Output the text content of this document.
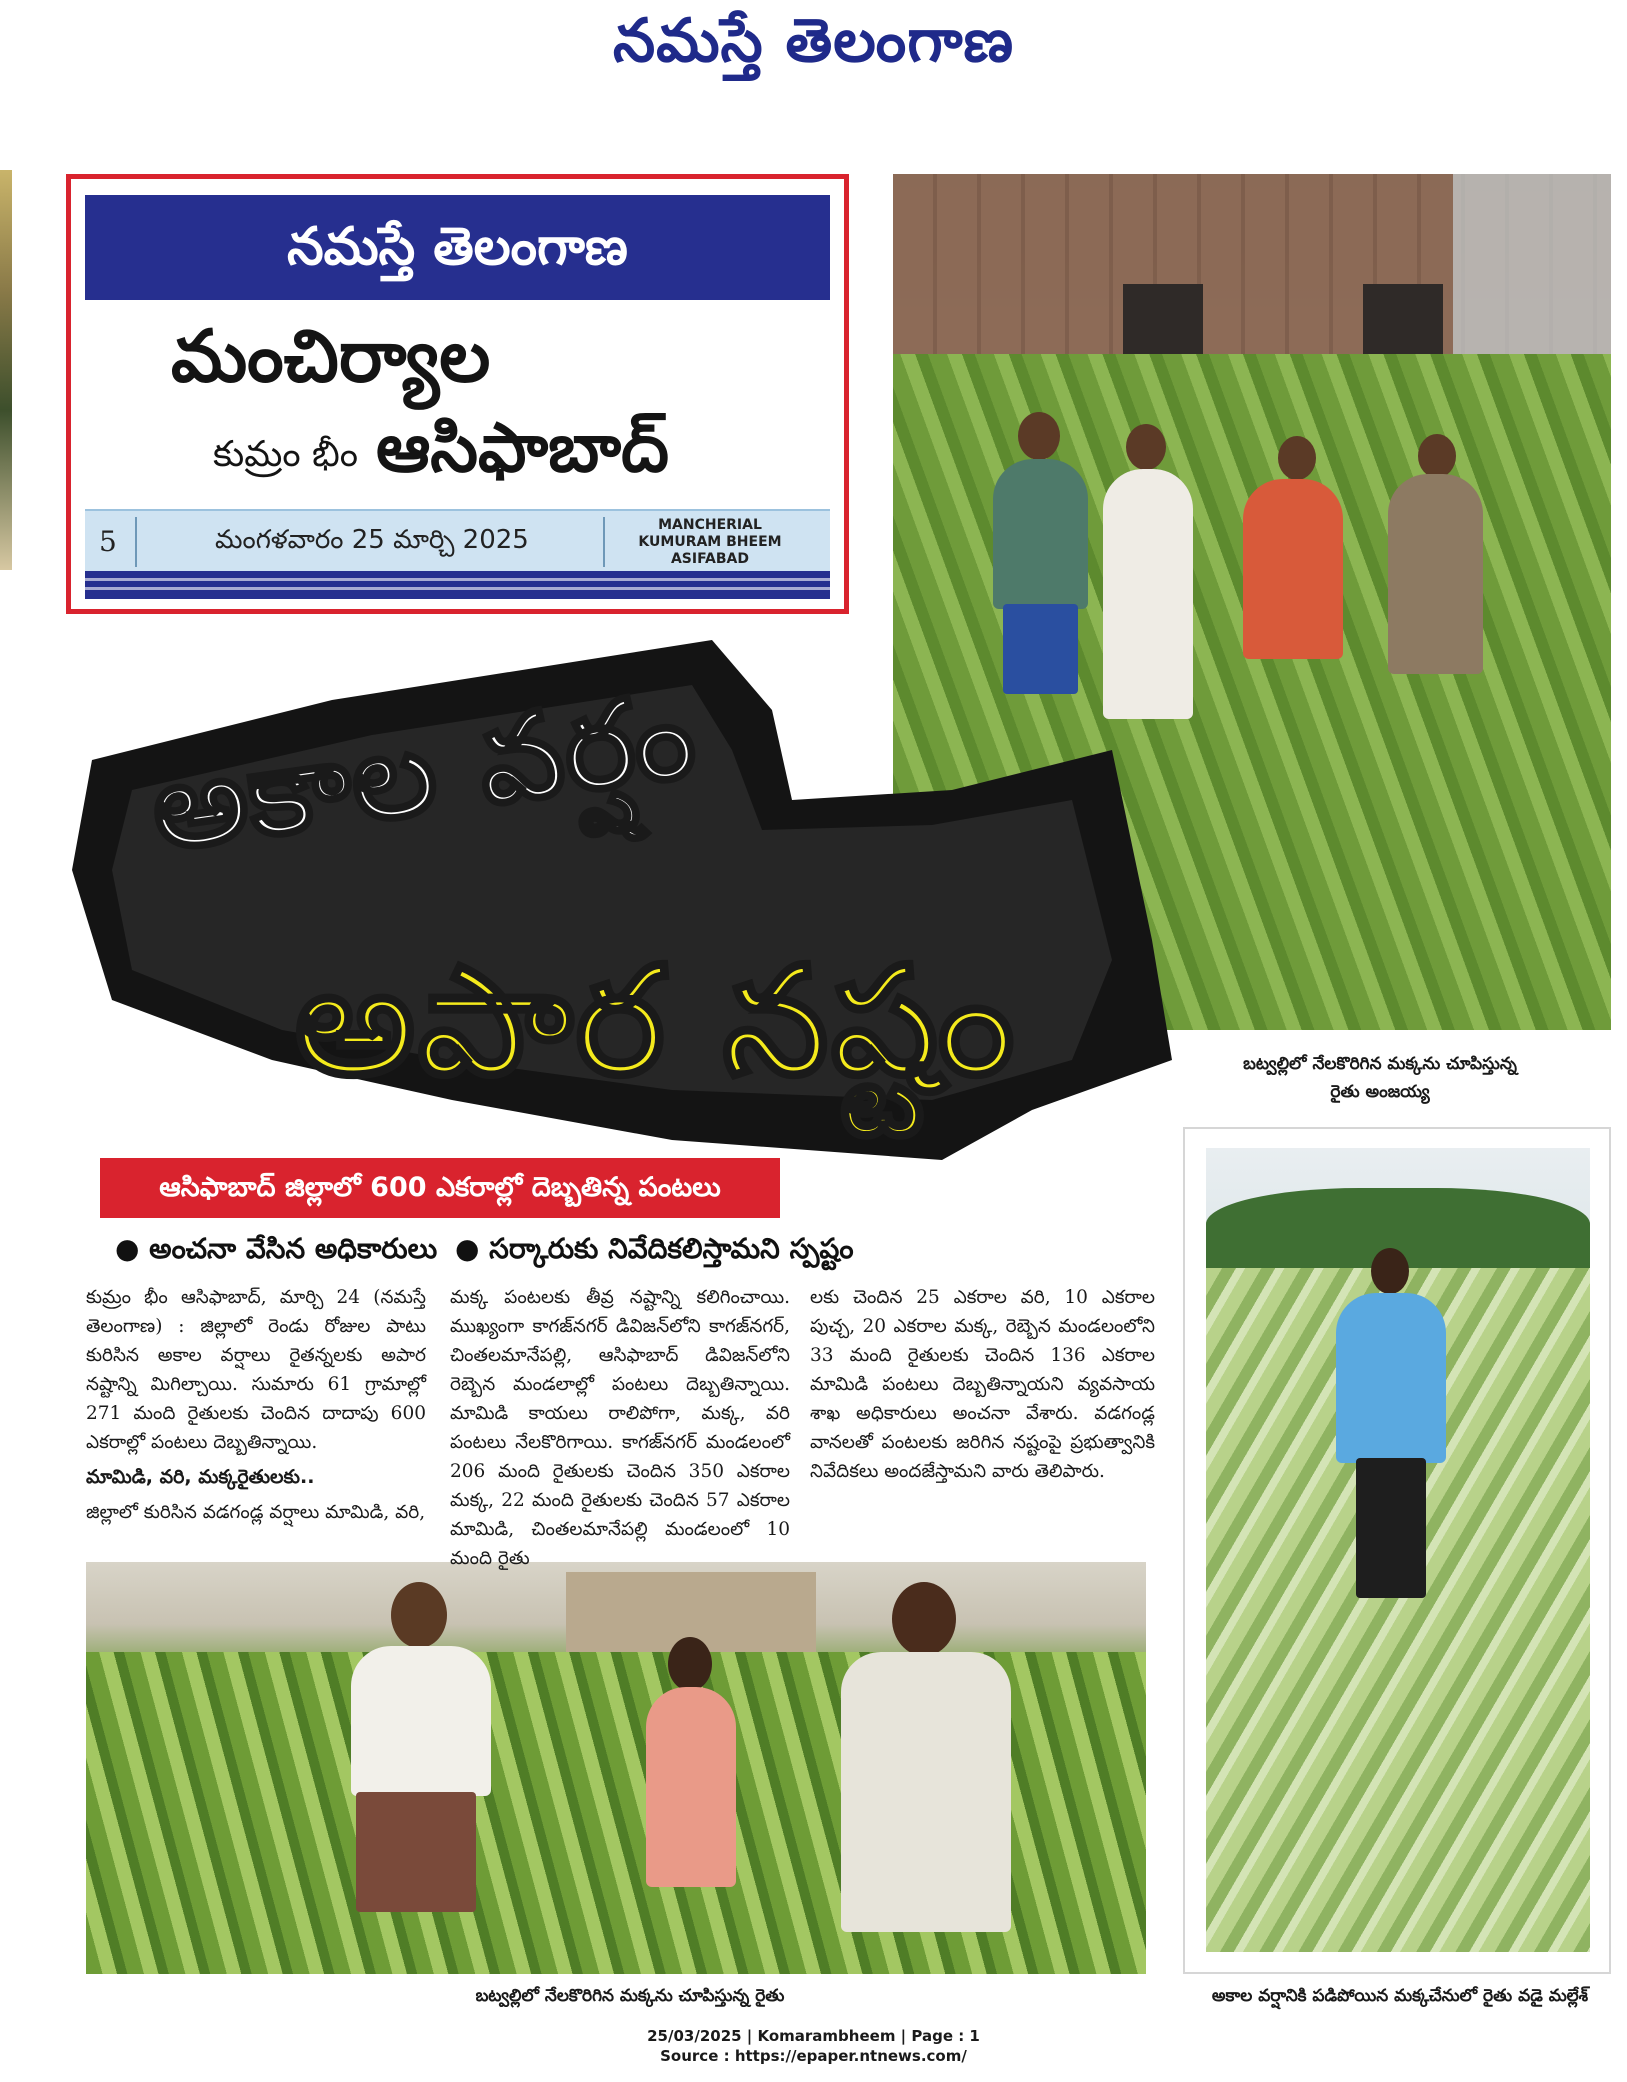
నమస్తే తెలంగాణ
నమస్తే తెలంగాణ
మంచిర్యాల
కుమ్రం భీం ఆసిఫాబాద్
5	మంగళవారం 25 మార్చి 2025	MANCHERIAL
KUMURAM BHEEM
ASIFABAD
బట్వల్లిలో నేలకొరిగిన మక్కను చూపిస్తున్న
రైతు అంజయ్య
అకాల వర్షానికి పడిపోయిన మక్కచేనులో రైతు వడై మల్లేశ్
బట్వల్లిలో నేలకొరిగిన మక్కను చూపిస్తున్న రైతు
అకాల వర్షం
అపార నష్టం
ఆసిఫాబాద్ జిల్లాలో 600 ఎకరాల్లో దెబ్బతిన్న పంటలు
● అంచనా వేసిన అధికారులు ● సర్కారుకు నివేదికలిస్తామని స్పష్టం

కుమ్రం భీం ఆసిఫాబాద్, మార్చి 24 (నమస్తే తెలంగాణ) : జిల్లాలో రెండు రోజుల పాటు కురిసిన అకాల వర్షాలు రైతన్నలకు అపార నష్టాన్ని మిగిల్చాయి. సుమారు 61 గ్రామాల్లో 271 మంది రైతులకు చెందిన దాదాపు 600 ఎకరాల్లో పంటలు దెబ్బతిన్నాయి.

మామిడి, వరి, మక్కరైతులకు..

జిల్లాలో కురిసిన వడగండ్ల వర్షాలు మామిడి, వరి,

మక్క పంటలకు తీవ్ర నష్టాన్ని కలిగించాయి. ముఖ్యంగా కాగజ్‌నగర్ డివిజన్‌లోని కాగజ్‌నగర్, చింతలమానేపల్లి, ఆసిఫాబాద్ డివిజన్‌లోని రెబ్బెన మండలాల్లో పంటలు దెబ్బతిన్నాయి. మామిడి కాయలు రాలిపోగా, మక్క, వరి పంటలు నేలకొరిగాయి. కాగజ్‌నగర్ మండలంలో 206 మంది రైతులకు చెందిన 350 ఎకరాల మక్క, 22 మంది రైతులకు చెందిన 57 ఎకరాల మామిడి, చింతలమానేపల్లి మండలంలో 10 మంది రైతు

లకు చెందిన 25 ఎకరాల వరి, 10 ఎకరాల పుచ్చ, 20 ఎకరాల మక్క, రెబ్బెన మండలంలోని 33 మంది రైతులకు చెందిన 136 ఎకరాల మామిడి పంటలు దెబ్బతిన్నాయని వ్యవసాయ శాఖ అధికారులు అంచనా వేశారు. వడగండ్ల వానలతో పంటలకు జరిగిన నష్టంపై ప్రభుత్వానికి నివేదికలు అందజేస్తామని వారు తెలిపారు.

25/03/2025 | Komarambheem | Page : 1
Source : https://epaper.ntnews.com/
